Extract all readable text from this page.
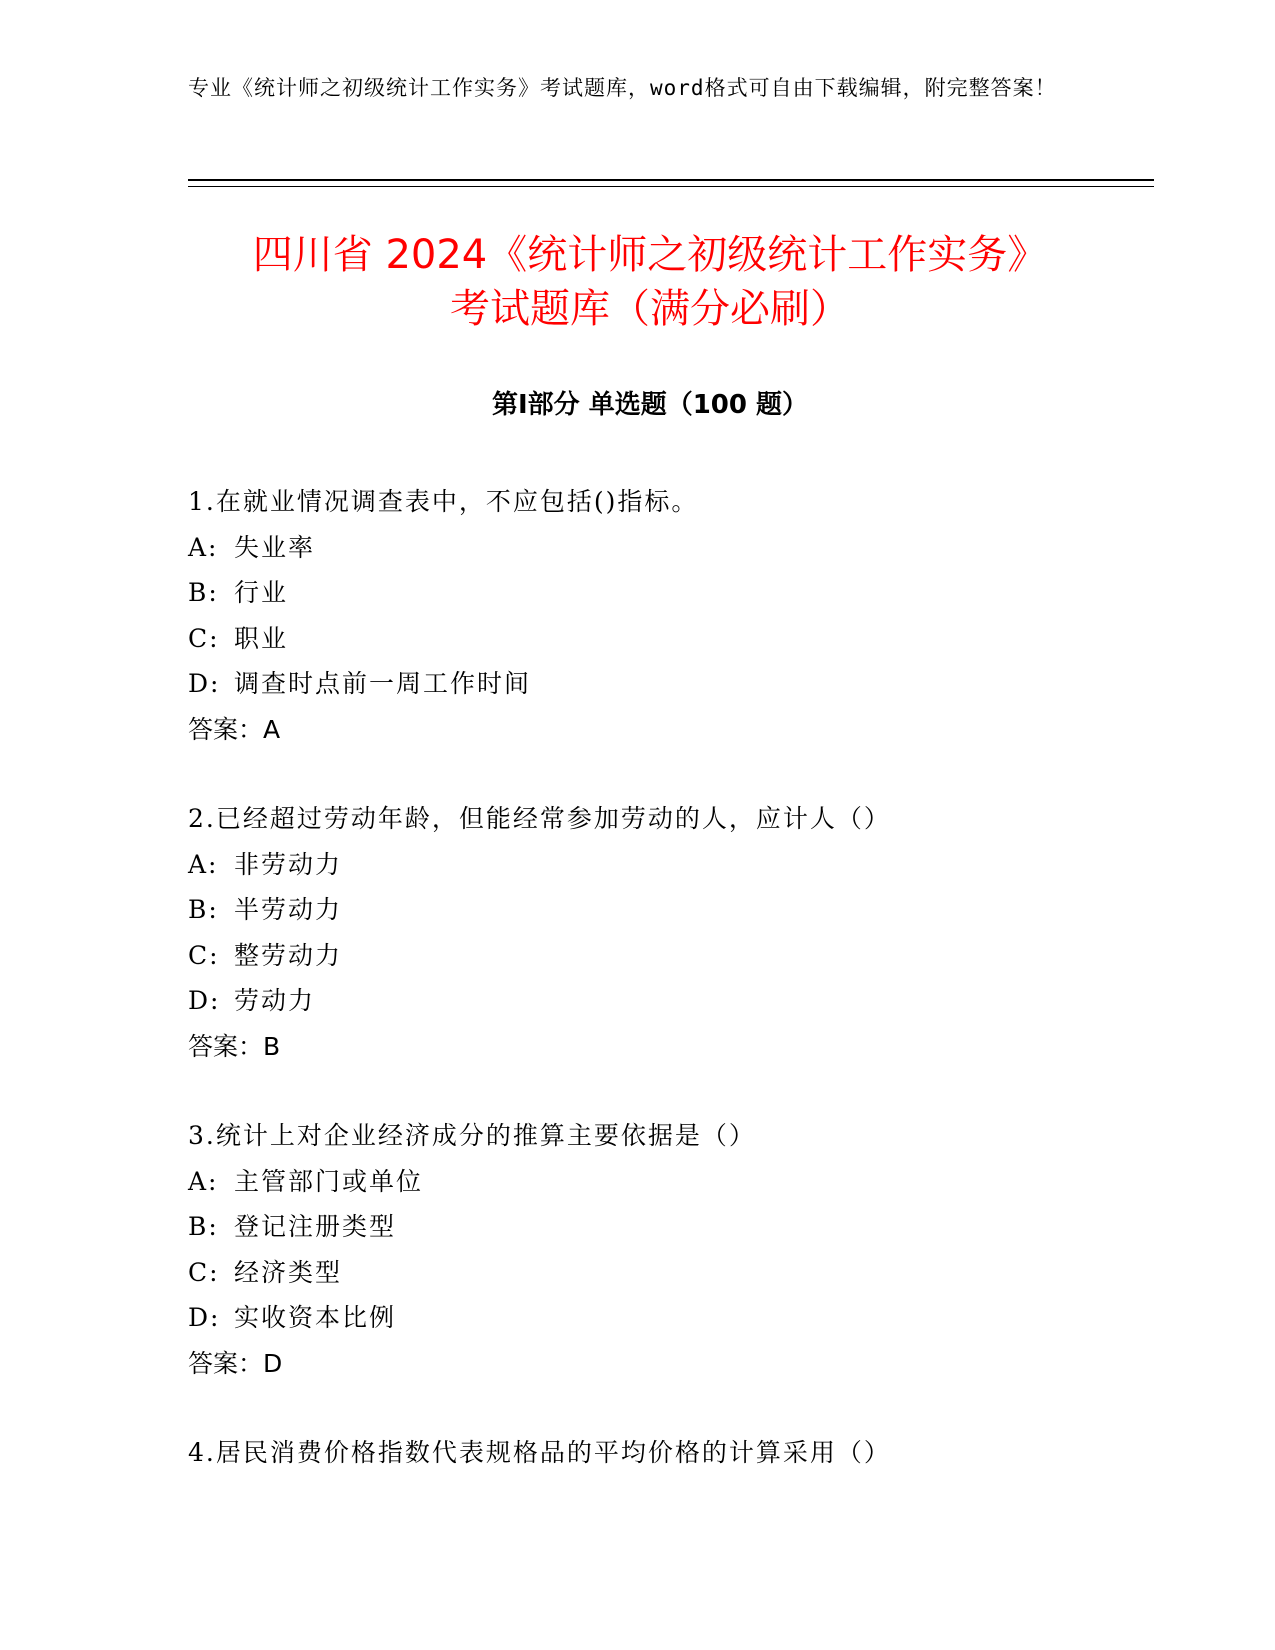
专业《统计师之初级统计工作实务》考试题库，word格式可自由下载编辑，附完整答案！
四川省 2024《统计师之初级统计工作实务》
考试题库（满分必刷）
第Ⅰ部分 单选题（100 题）
1.在就业情况调查表中，不应包括()指标。
A: 失业率
B: 行业
C: 职业
D: 调查时点前一周工作时间
答案：A
2.已经超过劳动年龄，但能经常参加劳动的人，应计人（）
A: 非劳动力
B: 半劳动力
C: 整劳动力
D: 劳动力
答案：B
3.统计上对企业经济成分的推算主要依据是（）
A: 主管部门或单位
B: 登记注册类型
C: 经济类型
D: 实收资本比例
答案：D
4.居民消费价格指数代表规格品的平均价格的计算采用（）
